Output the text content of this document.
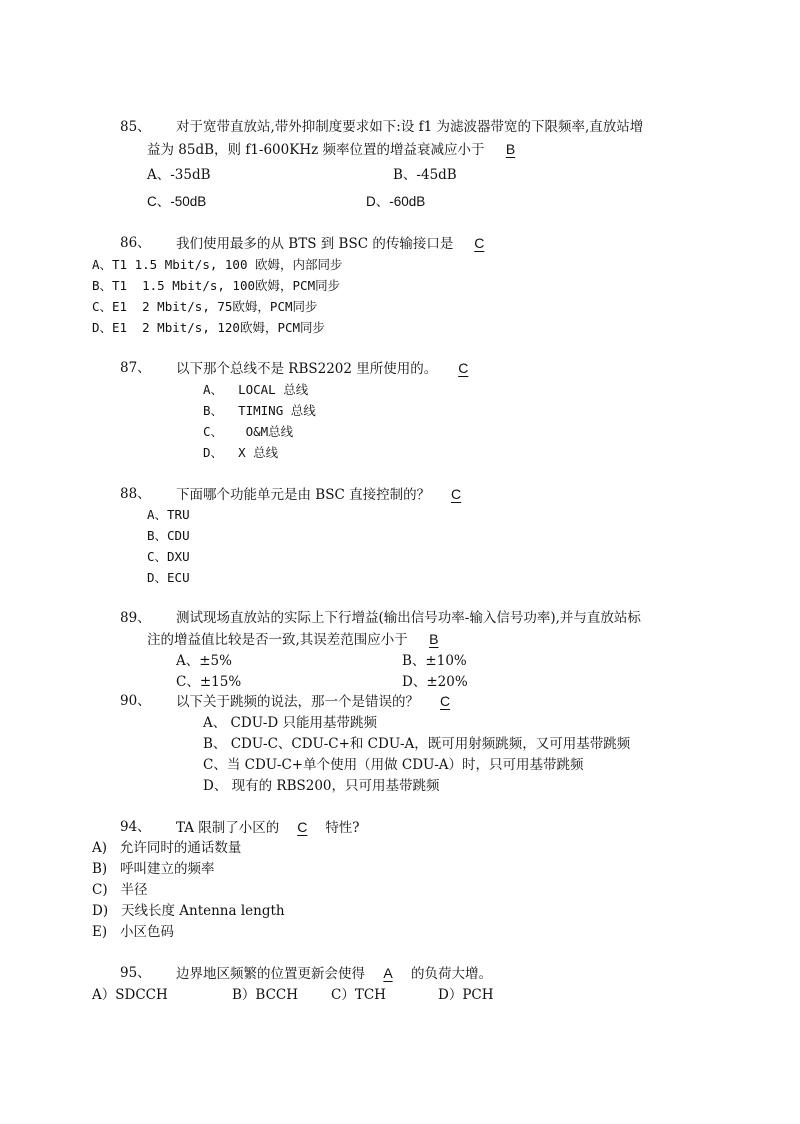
85、 对于宽带直放站,带外抑制度要求如下:设 f1 为滤波器带宽的下限频率,直放站增
益为 85dB，则 f1-600KHz 频率位置的增益衰减应小于 B
A、-35dB	B、-45dB
C、-50dB	D、-60dB
86、 我们使用最多的从 BTS 到 BSC 的传输接口是 C
A、T1 1.5 Mbit/s, 100 欧姆，内部同步
B、T1  1.5 Mbit/s, 100欧姆，PCM同步
C、E1  2 Mbit/s, 75欧姆，PCM同步
D、E1  2 Mbit/s, 120欧姆，PCM同步
87、 以下那个总线不是 RBS2202 里所使用的。 C
A、  LOCAL 总线
B、  TIMING 总线
C、   O&M总线
D、  X 总线
88、 下面哪个功能单元是由 BSC 直接控制的？ C
A、TRU
B、CDU
C、DXU
D、ECU
89、 测试现场直放站的实际上下行增益(输出信号功率-输入信号功率),并与直放站标
注的增益值比较是否一致,其误差范围应小于 B
A、±5%	B、±10%
C、±15%	D、±20%
90、 以下关于跳频的说法，那一个是错误的？ C
A、 CDU-D 只能用基带跳频
B、 CDU-C、CDU-C+和 CDU-A，既可用射频跳频，又可用基带跳频
C、当 CDU-C+单个使用（用做 CDU-A）时，只可用基带跳频
D、 现有的 RBS200，只可用基带跳频
94、 TA 限制了小区的 C 特性?
A)   允许同时的通话数量
B)   呼叫建立的频率
C)   半径
D)   天线长度 Antenna length
E)   小区色码
95、 边界地区频繁的位置更新会使得 A 的负荷大增。
A）SDCCH	B）BCCH C）TCH	D）PCH
